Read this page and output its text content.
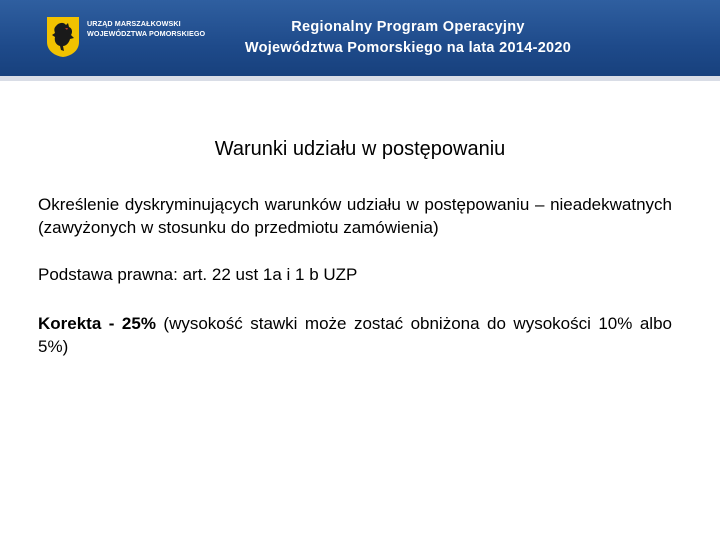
URZĄD MARSZAŁKOWSKI
WOJEWÓDZTWA POMORSKIEGO	Regionalny Program Operacyjny
Województwa Pomorskiego na lata 2014-2020
Warunki udziału w postępowaniu
Określenie dyskryminujących warunków udziału w postępowaniu – nieadekwatnych (zawyżonych w stosunku do przedmiotu zamówienia)
Podstawa prawna: art. 22 ust 1a i 1 b UZP
Korekta - 25% (wysokość stawki może zostać obniżona do wysokości 10% albo 5%)
